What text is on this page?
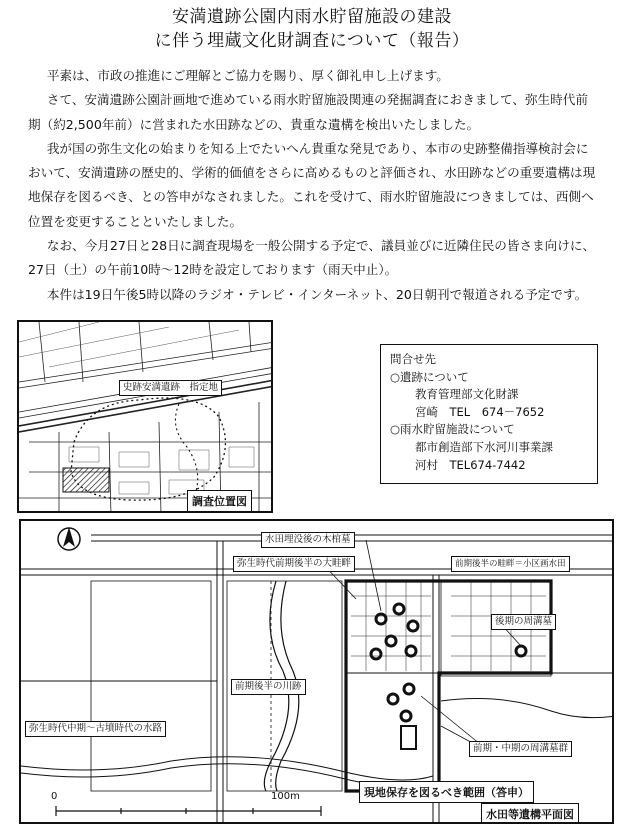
安満遺跡公園内雨水貯留施設の建設
に伴う埋蔵文化財調査について（報告）

平素は、市政の推進にご理解とご協力を賜り、厚く御礼申し上げます。

さて、安満遺跡公園計画地で進めている雨水貯留施設関連の発掘調査におきまして、弥生時代前期（約2,500年前）に営まれた水田跡などの、貴重な遺構を検出いたしました。

我が国の弥生文化の始まりを知る上でたいへん貴重な発見であり、本市の史跡整備指導検討会において、安満遺跡の歴史的、学術的価値をさらに高めるものと評価され、水田跡などの重要遺構は現地保存を図るべき、との答申がなされました。これを受けて、雨水貯留施設につきましては、西側へ位置を変更することといたしました。

なお、今月27日と28日に調査現場を一般公開する予定で、議員並びに近隣住民の皆さま向けに、27日（土）の午前10時～12時を設定しております（雨天中止）。

本件は19日午後5時以降のラジオ・テレビ・インターネット、20日朝刊で報道される予定です。

史跡安満遺跡　指定地
調査位置図
問合せ先
○遺跡について
教育管理部文化財課
宮崎　TEL　674－7652
○雨水貯留施設について
都市創造部下水河川事業課
河村　TEL674-7442
水田埋没後の木棺墓
弥生時代前期後半の大畦畔	前期後半の畦畔＝小区画水田
後期の周溝墓
前期後半の川跡
弥生時代中期～古墳時代の水路
前期・中期の周溝墓群
現地保存を図るべき範囲（答申）
水田等遺構平面図
0	100m
